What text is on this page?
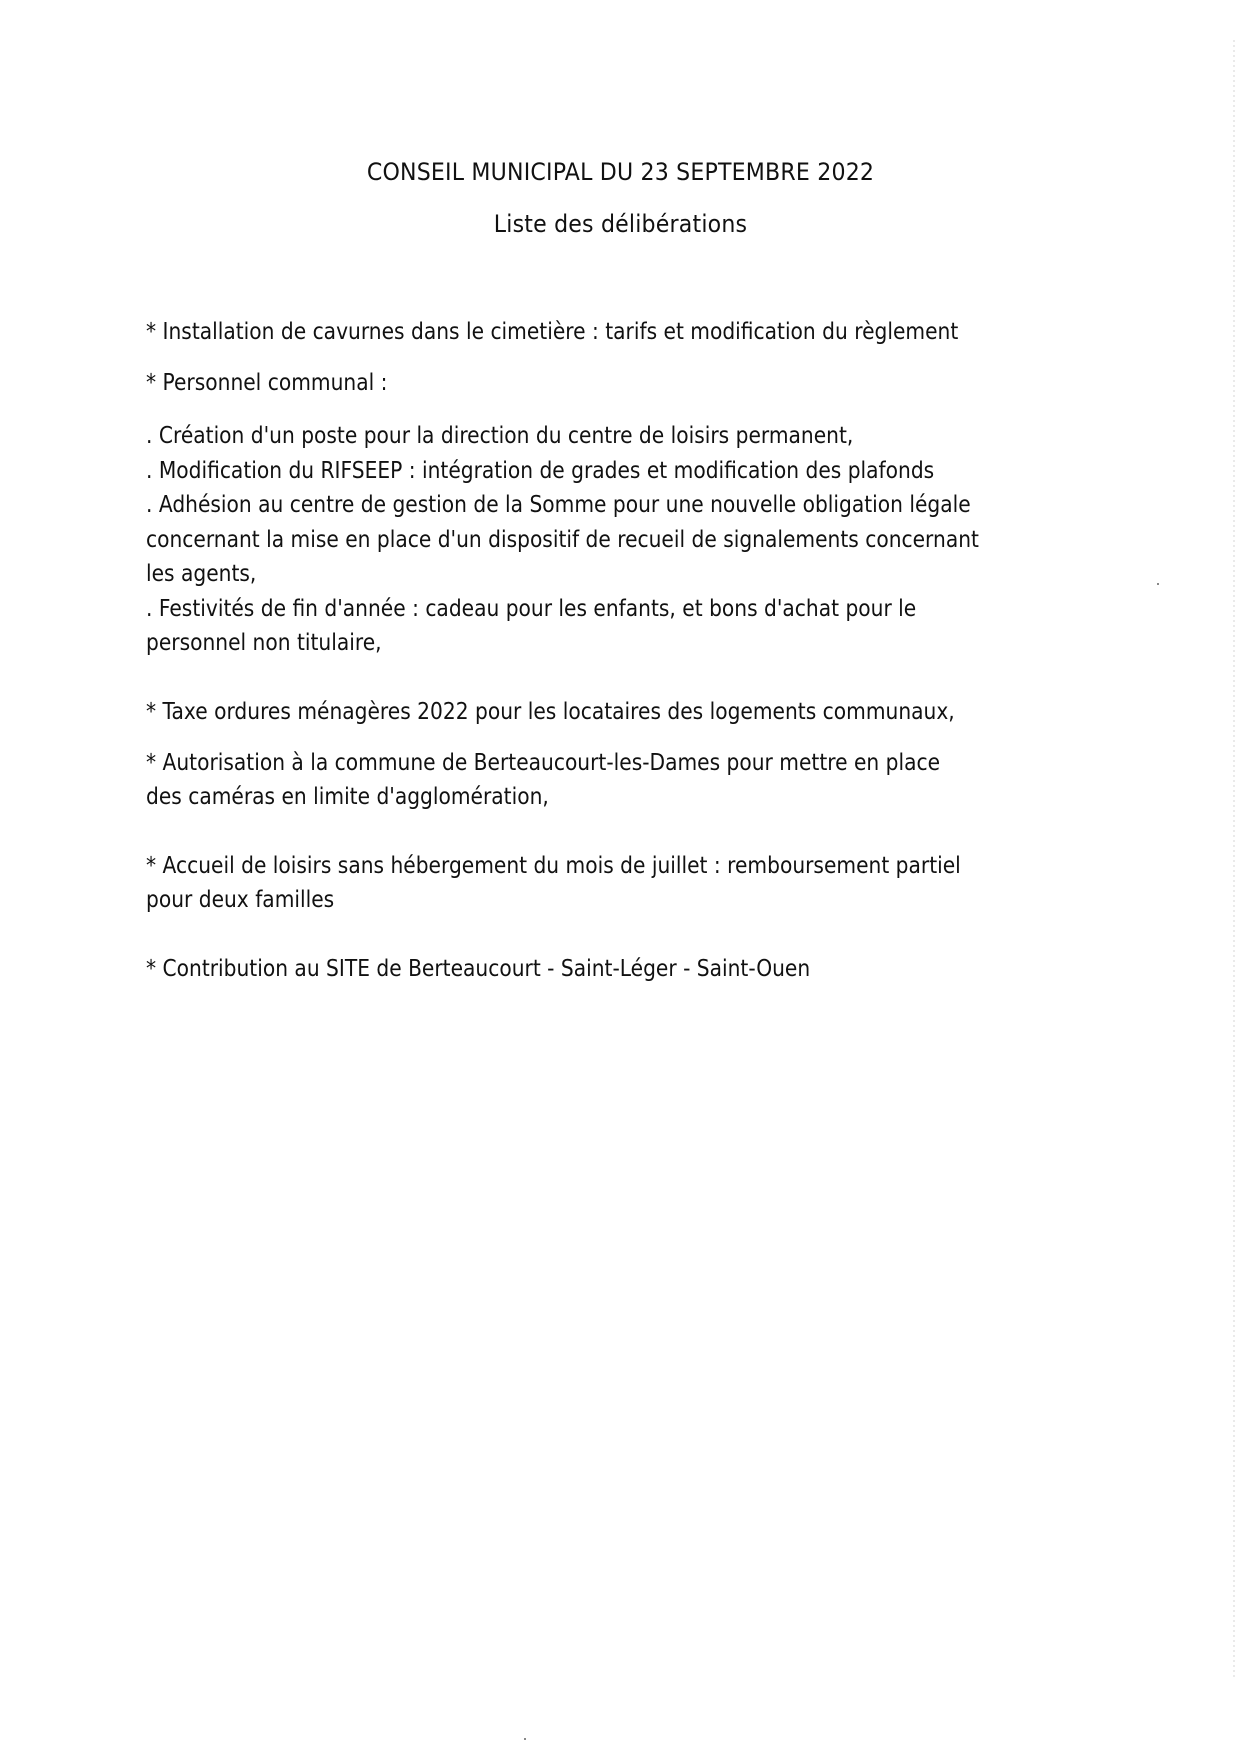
CONSEIL MUNICIPAL DU 23 SEPTEMBRE 2022
Liste des délibérations
* Installation de cavurnes dans le cimetière : tarifs et modification du règlement
* Personnel communal :
. Création d'un poste pour la direction du centre de loisirs permanent,
. Modification du RIFSEEP : intégration de grades et modification des plafonds
. Adhésion au centre de gestion de la Somme pour une nouvelle obligation légale
concernant la mise en place d'un dispositif de recueil de signalements concernant
les agents,
. Festivités de fin d'année : cadeau pour les enfants, et bons d'achat pour le
personnel non titulaire,
* Taxe ordures ménagères 2022 pour les locataires des logements communaux,
* Autorisation à la commune de Berteaucourt-les-Dames pour mettre en place
des caméras en limite d'agglomération,
* Accueil de loisirs sans hébergement du mois de juillet : remboursement partiel
pour deux familles
* Contribution au SITE de Berteaucourt - Saint-Léger - Saint-Ouen
